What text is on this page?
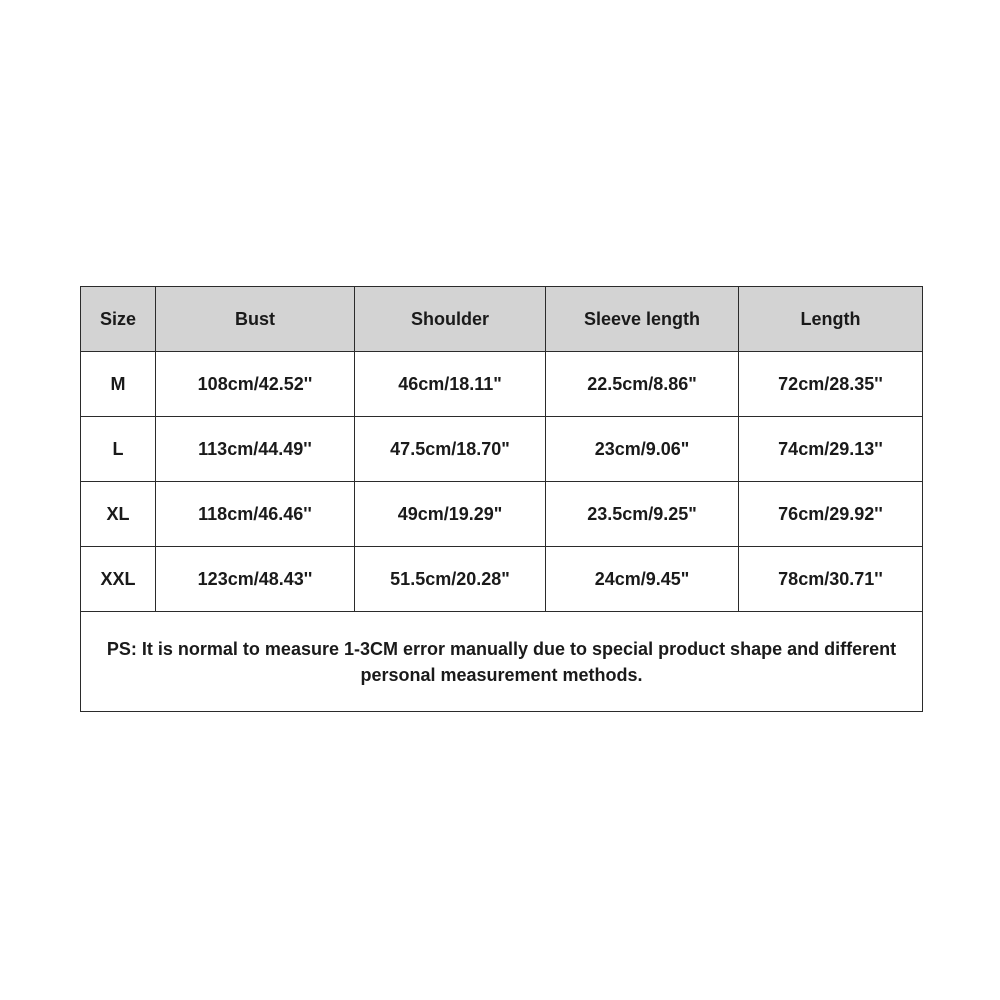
Size	Bust	Shoulder	Sleeve length	Length
M	108cm/42.52''	46cm/18.11"	22.5cm/8.86"	72cm/28.35''
L	113cm/44.49''	47.5cm/18.70"	23cm/9.06"	74cm/29.13''
XL	118cm/46.46''	49cm/19.29"	23.5cm/9.25"	76cm/29.92''
XXL	123cm/48.43''	51.5cm/20.28"	24cm/9.45"	78cm/30.71''
PS: It is normal to measure 1-3CM error manually due to special product shape and different personal measurement methods.				
